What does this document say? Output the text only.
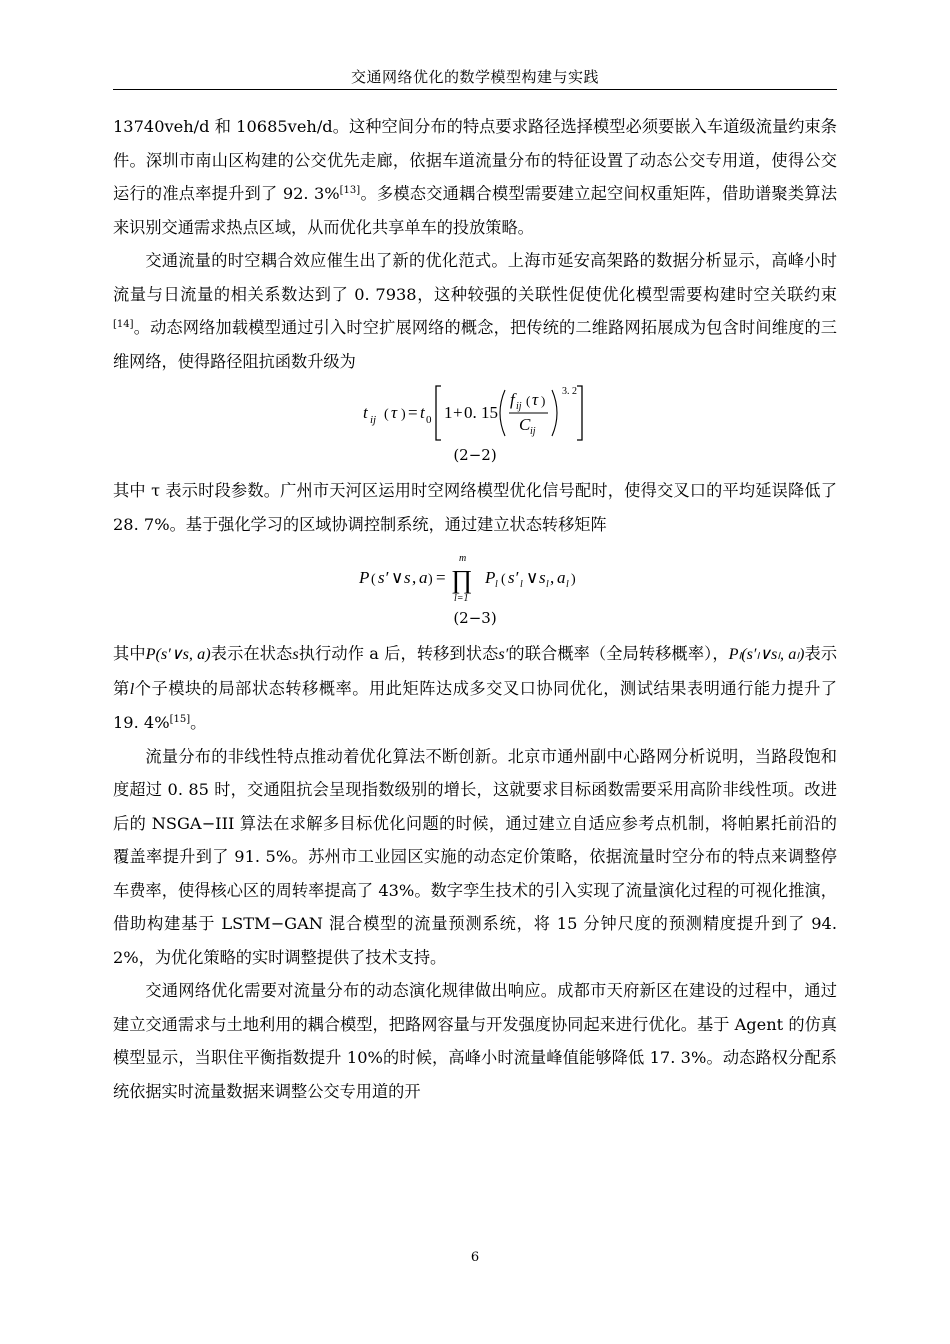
交通网络优化的数学模型构建与实践

13740veh/d 和 10685veh/d。这种空间分布的特点要求路径选择模型必须要嵌入车道级流量约束条件。深圳市南山区构建的公交优先走廊，依据车道流量分布的特征设置了动态公交专用道，使得公交运行的准点率提升到了 92. 3%[13]。多模态交通耦合模型需要建立起空间权重矩阵，借助谱聚类算法来识别交通需求热点区域，从而优化共享单车的投放策略。

交通流量的时空耦合效应催生出了新的优化范式。上海市延安高架路的数据分析显示，高峰小时流量与日流量的相关系数达到了 0. 7938，这种较强的关联性促使优化模型需要构建时空关联约束[14]。动态网络加载模型通过引入时空扩展网络的概念，把传统的二维路网拓展成为包含时间维度的三维网络，使得路径阻抗函数升级为

t ij ( τ ) = t 0 1 + 0. 15
f ij ( τ )
C ij
3. 2

(2−2)

其中 τ 表示时段参数。广州市天河区运用时空网络模型优化信号配时，使得交叉口的平均延误降低了 28. 7%。基于强化学习的区域协调控制系统，通过建立状态转移矩阵

P ( s′ ∨ s , a ) =
m
∏
l=1
P l ( s′ l ∨ s l , a l )

(2−3)

其中P(s′∨s, a)表示在状态s执行动作 a 后，转移到状态s′的联合概率（全局转移概率），Pₗ(s′ₗ∨sₗ, aₗ)表示第l个子模块的局部状态转移概率。用此矩阵达成多交叉口协同优化，测试结果表明通行能力提升了 19. 4%[15]。

流量分布的非线性特点推动着优化算法不断创新。北京市通州副中心路网分析说明，当路段饱和度超过 0. 85 时，交通阻抗会呈现指数级别的增长，这就要求目标函数需要采用高阶非线性项。改进后的 NSGA−III 算法在求解多目标优化问题的时候，通过建立自适应参考点机制，将帕累托前沿的覆盖率提升到了 91. 5%。苏州市工业园区实施的动态定价策略，依据流量时空分布的特点来调整停车费率，使得核心区的周转率提高了 43%。数字孪生技术的引入实现了流量演化过程的可视化推演，借助构建基于 LSTM−GAN 混合模型的流量预测系统，将 15 分钟尺度的预测精度提升到了 94. 2%，为优化策略的实时调整提供了技术支持。

交通网络优化需要对流量分布的动态演化规律做出响应。成都市天府新区在建设的过程中，通过建立交通需求与土地利用的耦合模型，把路网容量与开发强度协同起来进行优化。基于 Agent 的仿真模型显示，当职住平衡指数提升 10%的时候，高峰小时流量峰值能够降低 17. 3%。动态路权分配系统依据实时流量数据来调整公交专用道的开

6
